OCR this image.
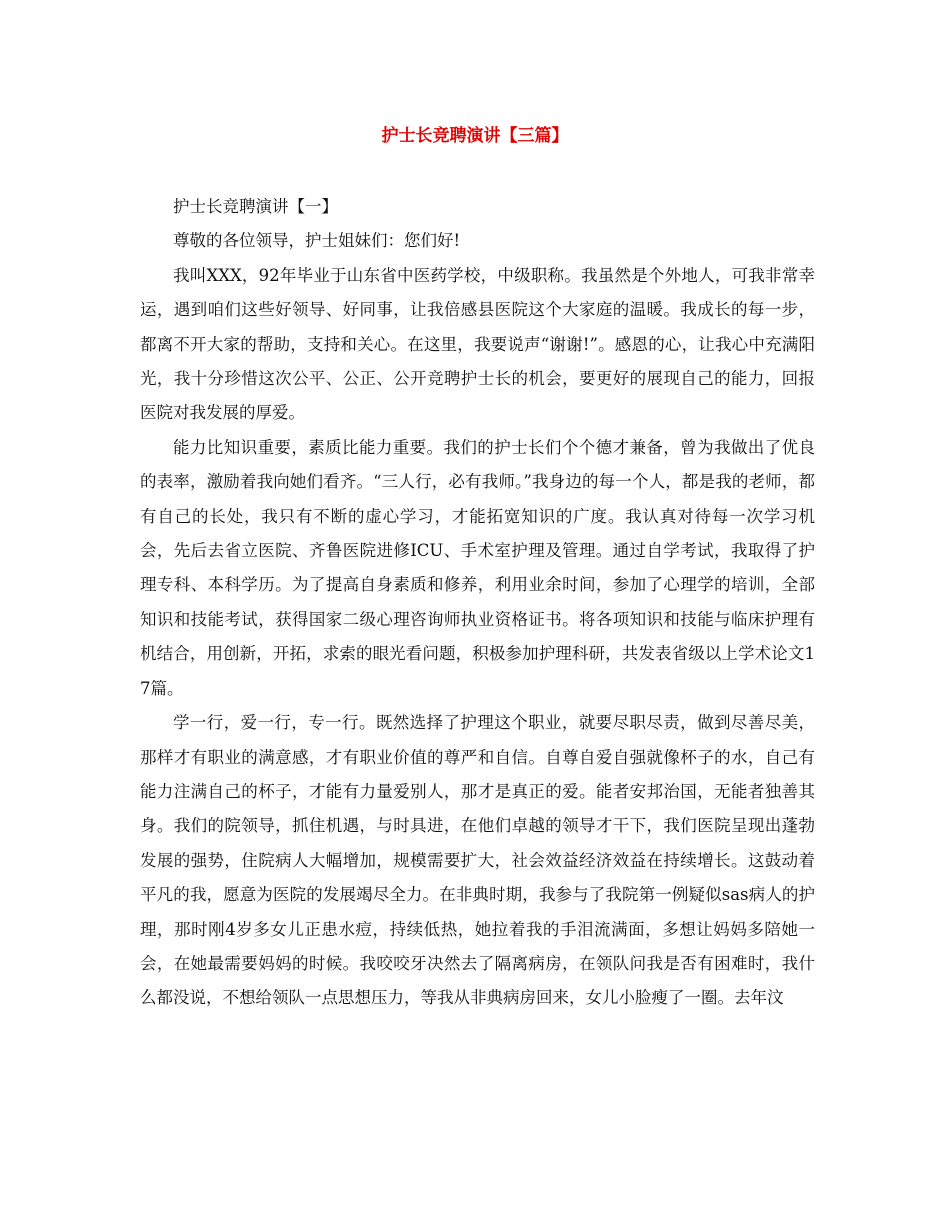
护士长竞聘演讲【三篇】

护士长竞聘演讲【一】

尊敬的各位领导，护士姐妹们：您们好!

我叫XXX，92年毕业于山东省中医药学校，中级职称。我虽然是个外地人，可我非常幸运，遇到咱们这些好领导、好同事，让我倍感县医院这个大家庭的温暖。我成长的每一步，都离不开大家的帮助，支持和关心。在这里，我要说声“谢谢!”。感恩的心，让我心中充满阳光，我十分珍惜这次公平、公正、公开竞聘护士长的机会，要更好的展现自己的能力，回报医院对我发展的厚爱。

能力比知识重要，素质比能力重要。我们的护士长们个个德才兼备，曾为我做出了优良的表率，激励着我向她们看齐。“三人行，必有我师。”我身边的每一个人，都是我的老师，都有自己的长处，我只有不断的虚心学习，才能拓宽知识的广度。我认真对待每一次学习机会，先后去省立医院、齐鲁医院进修ICU、手术室护理及管理。通过自学考试，我取得了护理专科、本科学历。为了提高自身素质和修养，利用业余时间，参加了心理学的培训，全部知识和技能考试，获得国家二级心理咨询师执业资格证书。将各项知识和技能与临床护理有机结合，用创新，开拓，求索的眼光看问题，积极参加护理科研，共发表省级以上学术论文17篇。

学一行，爱一行，专一行。既然选择了护理这个职业，就要尽职尽责，做到尽善尽美，那样才有职业的满意感，才有职业价值的尊严和自信。自尊自爱自强就像杯子的水，自己有能力注满自己的杯子，才能有力量爱别人，那才是真正的爱。能者安邦治国，无能者独善其身。我们的院领导，抓住机遇，与时具进，在他们卓越的领导才干下，我们医院呈现出蓬勃发展的强势，住院病人大幅增加，规模需要扩大，社会效益经济效益在持续增长。这鼓动着平凡的我，愿意为医院的发展竭尽全力。在非典时期，我参与了我院第一例疑似sas病人的护理，那时刚4岁多女儿正患水痘，持续低热，她拉着我的手泪流满面，多想让妈妈多陪她一会，在她最需要妈妈的时候。我咬咬牙决然去了隔离病房，在领队问我是否有困难时，我什么都没说，不想给领队一点思想压力，等我从非典病房回来，女儿小脸瘦了一圈。去年汶
